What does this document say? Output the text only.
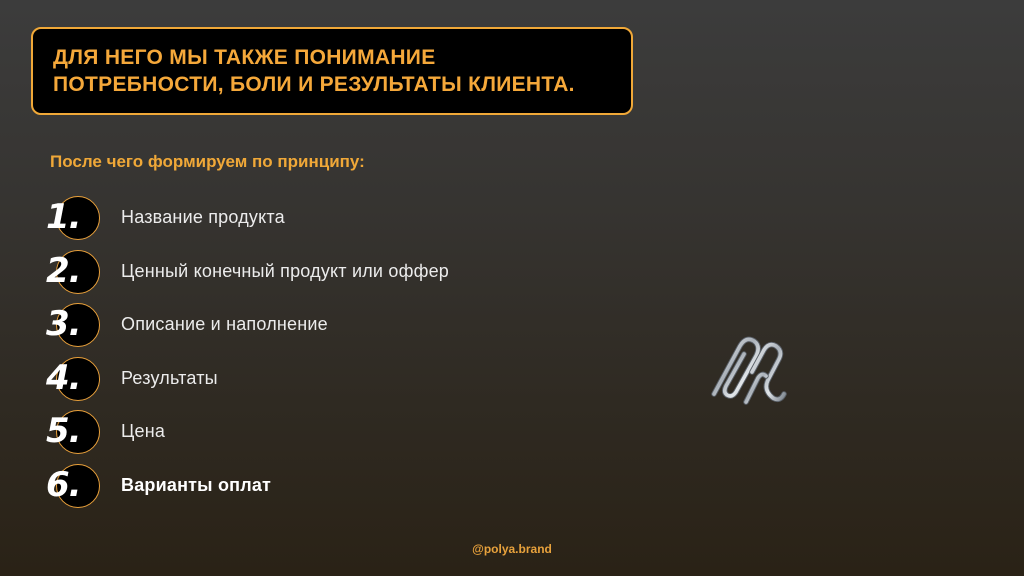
ДЛЯ НЕГО МЫ ТАКЖЕ ПОНИМАНИЕ
ПОТРЕБНОСТИ, БОЛИ И РЕЗУЛЬТАТЫ КЛИЕНТА.
После чего формируем по принципу:
1. Название продукта
2. Ценный конечный продукт или оффер
3. Описание и наполнение
4. Результаты
5. Цена
6. Варианты оплат
@polya.brand
